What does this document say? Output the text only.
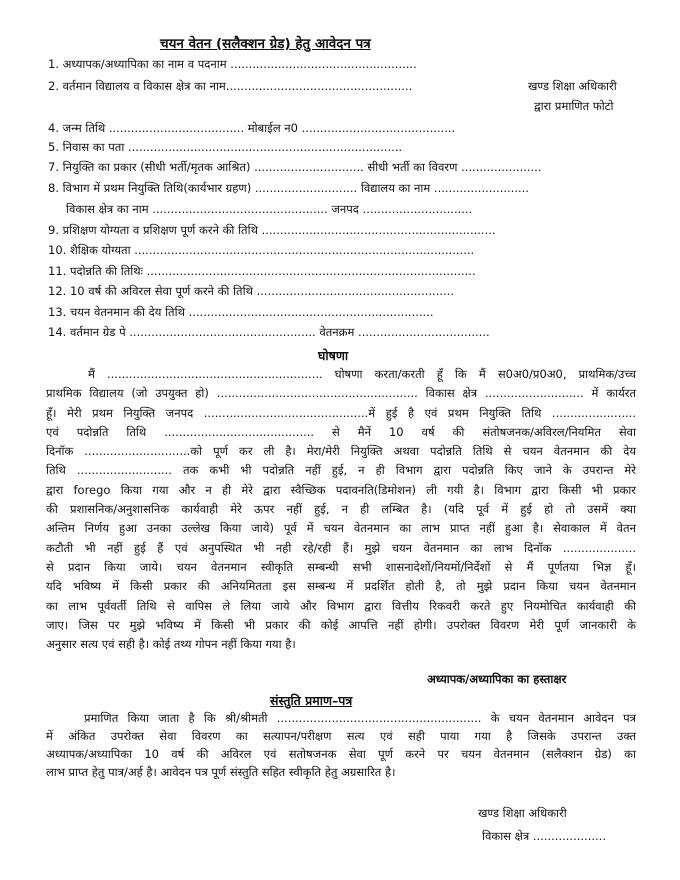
चयन वेतन (सलैक्शन ग्रेड) हेतु आवेदन पत्र
1. अध्यापक/अध्यापिका का नाम व पदनाम ...................................................
2. वर्तमान विद्यालय व विकास क्षेत्र का नाम...................................................	खण्ड शिक्षा अधिकारी
द्वारा प्रमाणित फोटो
4. जन्म तिथि ..................................... मोबाईल न0 ..........................................
5. निवास का पता ...........................................................................
7. नियुक्ति का प्रकार (सीधी भर्ती/मृतक आश्रित) .............................. सीधी भर्ती का विवरण ......................
8. विभाग में प्रथम नियुक्ति तिथि(कार्यभार ग्रहण) ............................ विद्यालय का नाम ..........................
विकास क्षेत्र का नाम ................................................ जनपद ..............................
9. प्रशिक्षण योग्यता व प्रशिक्षण पूर्ण करने की तिथि ................................................................
10. शैक्षिक योग्यता .............................................................................................
11. पदोन्नति की तिथिः ..........................................................................................
12. 10 वर्ष की अविरल सेवा पूर्ण करने की तिथि ......................................................
13. चयन वेतनमान की देय तिथि ...................................................................
14. वर्तमान ग्रेड पे ................................................... वेतनक्रम ....................................
घोषणा
मैं ........................................................... घोषणा करता/करती हूँ कि मैं स0अ0/प्र0अ0, प्राथमिक/उच्च
प्राथमिक विद्यालय (जो उपयुक्त हो) ....................................................... विकास क्षेत्र ........................... में कार्यरत
हूँ। मेरी प्रथम नियुक्ति जनपद .............................................में हुई है एवं प्रथम नियुक्ति तिथि .......................
एवं पदोन्नति तिथि ......................................... से मैनें 10 वर्ष की संतोषजनक/अविरल/नियमित सेवा
दिनॉक .............................को पूर्ण कर ली है। मेरा/मेरी नियुक्ति अथवा पदोन्नति तिथि से चयन वेतनमान की देय
तिथि .......................... तक कभी भी पदोन्नति नहीं हुई, न ही विभाग द्वारा पदोन्नति किए जाने के उपरान्त मेरे
द्वारा forego किया गया और न ही मेरे द्वारा स्वैच्छिक पदावनति(डिमोशन) ली गयी है। विभाग द्वारा किसी भी प्रकार
की प्रशासनिक/अनुशासनिक कार्यवाही मेरे ऊपर नहीं हुई, न ही लम्बित है। (यदि पूर्व में हुई हो तो उसमें क्या
अन्तिम निर्णय हुआ उनका उल्लेख किया जाये) पूर्व में चयन वेतनमान का लाभ प्राप्त नहीं हुआ है। सेवाकाल में वेतन
कटौती भी नहीं हुई हैं एवं अनुपस्थित भी नही रहे/रही हैं। मुझे चयन वेतनमान का लाभ दिनॉक ....................
से प्रदान किया जाये। चयन वेतनमान स्वीकृति सम्बन्धी सभी शासनादेशों/नियमों/निर्देशों से मैं पूर्णतया भिज्ञ हूँ।
यदि भविष्य में किसी प्रकार की अनियमितता इस सम्बन्ध में प्रदर्शित होती है, तो मुझे प्रदान किया चयन वेतनमान
का लाभ पूर्ववर्ती तिथि से वापिस ले लिया जाये और विभाग द्वारा वित्तीय रिकवरी करते हुए नियमोचित कार्यवाही की
जाए। जिस पर मुझे भविष्य में किसी भी प्रकार की कोई आपत्ति नहीं होगी। उपरोक्त विवरण मेरी पूर्ण जानकारी के
अनुसार सत्य एवं सही है। कोई तथ्य गोपन नहीं किया गया है।
अध्यापक/अध्यापिका का हस्ताक्षर
संस्तुति प्रमाण–पत्र
प्रमाणित किया जाता है कि श्री/श्रीमती ........................................................ के चयन वेतनमान आवेदन पत्र
में अंकित उपरोक्त सेवा विवरण का सत्यापन/परीक्षण सत्य एवं सही पाया गया है जिसके उपरान्त उक्त
अध्यापक/अध्यापिका 10 वर्ष की अविरल एवं सतोषजनक सेवा पूर्ण करने पर चयन वेतनमान (सलैक्शन ग्रेड) का
लाभ प्राप्त हेतु पात्र/अर्ह है। आवेदन पत्र पूर्ण संस्तुति सहित स्वीकृति हेतु अग्रसारित है।
खण्ड शिक्षा अधिकारी
विकास क्षेत्र ....................
